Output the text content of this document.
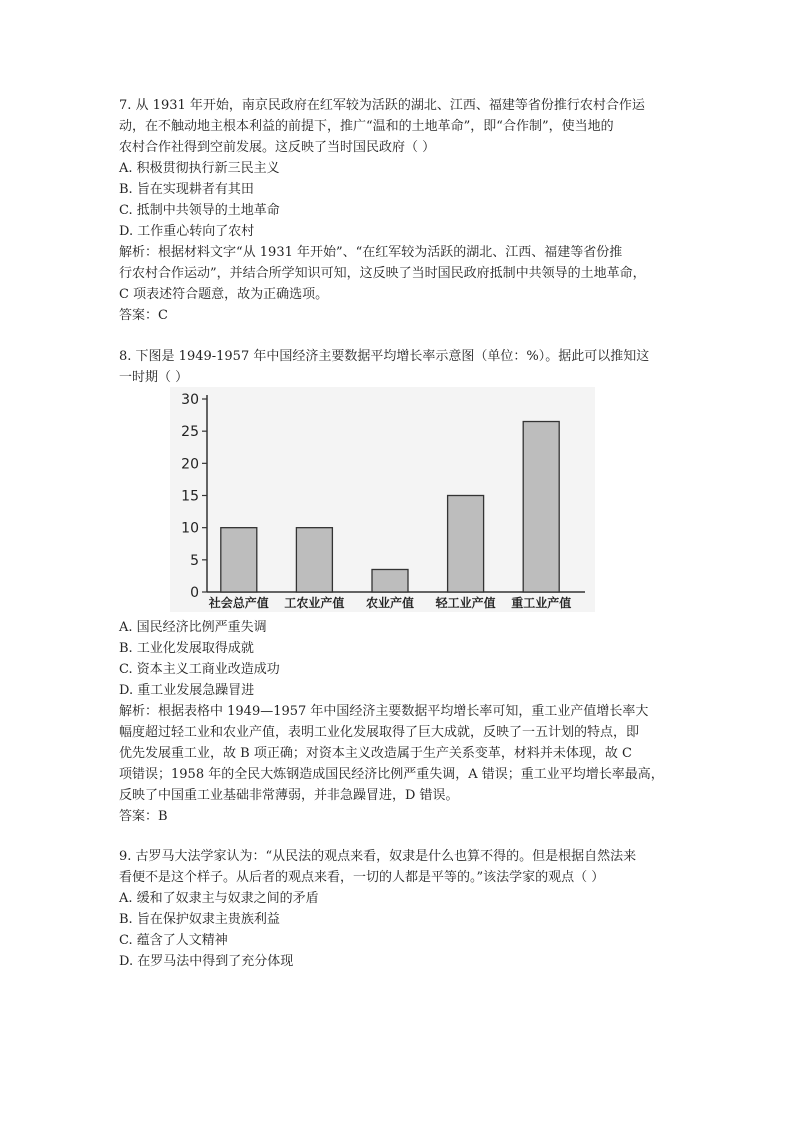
7. 从 1931 年开始，南京民政府在红军较为活跃的湖北、江西、福建等省份推行农村合作运
动，在不触动地主根本利益的前提下，推广“温和的土地革命”，即“合作制”，使当地的
农村合作社得到空前发展。这反映了当时国民政府（ ）
A. 积极贯彻执行新三民主义
B. 旨在实现耕者有其田
C. 抵制中共领导的土地革命
D. 工作重心转向了农村
解析：根据材料文字“从 1931 年开始”、“在红军较为活跃的湖北、江西、福建等省份推
行农村合作运动”，并结合所学知识可知，这反映了当时国民政府抵制中共领导的土地革命，
C 项表述符合题意，故为正确选项。
答案：C
8. 下图是 1949-1957 年中国经济主要数据平均增长率示意图（单位：%）。据此可以推知这
一时期（ ）
0
5
10
15
20
25
30
社会总产值 工农业产值 农业产值 轻工业产值 重工业产值
A. 国民经济比例严重失调
B. 工业化发展取得成就
C. 资本主义工商业改造成功
D. 重工业发展急躁冒进
解析：根据表格中 1949—1957 年中国经济主要数据平均增长率可知，重工业产值增长率大
幅度超过轻工业和农业产值，表明工业化发展取得了巨大成就，反映了一五计划的特点，即
优先发展重工业，故 B 项正确；对资本主义改造属于生产关系变革，材料并未体现，故 C
项错误；1958 年的全民大炼钢造成国民经济比例严重失调，A 错误；重工业平均增长率最高，
反映了中国重工业基础非常薄弱，并非急躁冒进，D 错误。
答案：B
9. 古罗马大法学家认为：“从民法的观点来看，奴隶是什么也算不得的。但是根据自然法来
看便不是这个样子。从后者的观点来看，一切的人都是平等的。”该法学家的观点（ ）
A. 缓和了奴隶主与奴隶之间的矛盾
B. 旨在保护奴隶主贵族利益
C. 蕴含了人文精神
D. 在罗马法中得到了充分体现
